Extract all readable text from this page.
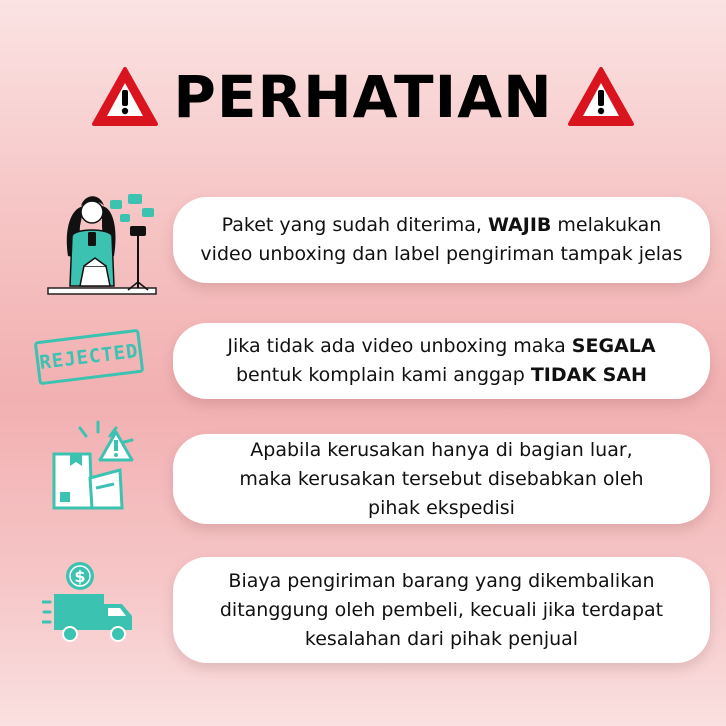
PERHATIAN
Paket yang sudah diterima, WAJIB melakukan
video unboxing dan label pengiriman tampak jelas
REJECTED	Jika tidak ada video unboxing maka SEGALA
bentuk komplain kami anggap TIDAK SAH
Apabila kerusakan hanya di bagian luar,
maka kerusakan tersebut disebabkan oleh
pihak ekspedisi
$	Biaya pengiriman barang yang dikembalikan
ditanggung oleh pembeli, kecuali jika terdapat
kesalahan dari pihak penjual
